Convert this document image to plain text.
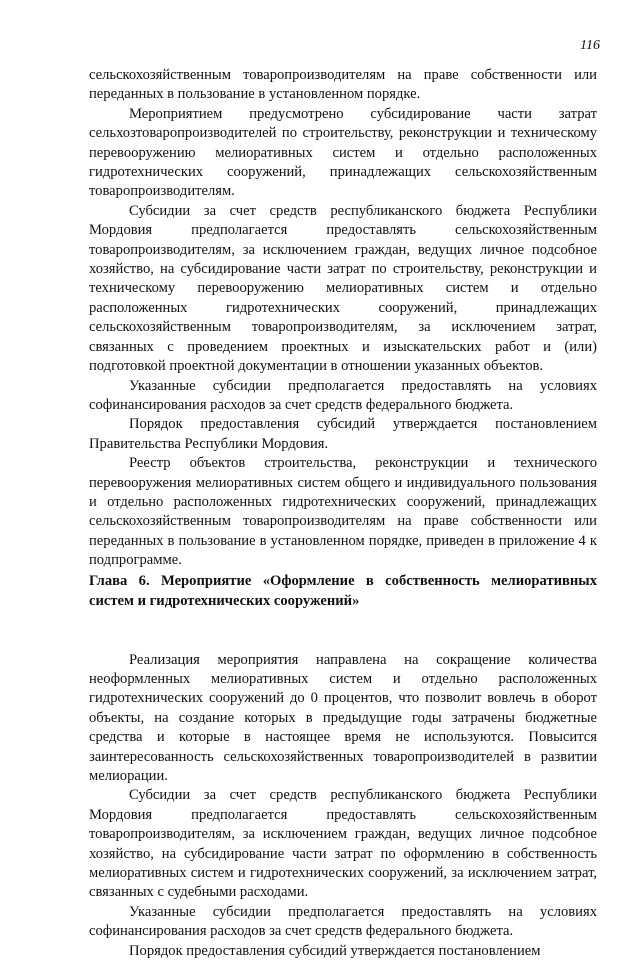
116

сельскохозяйственным товаропроизводителям на праве собственности или переданных в пользование в установленном порядке.

Мероприятием предусмотрено субсидирование части затрат сельхозтоваропроизводителей по строительству, реконструкции и техническому перевооружению мелиоративных систем и отдельно расположенных гидротехнических сооружений, принадлежащих сельскохозяйственным товаропроизводителям.

Субсидии за счет средств республиканского бюджета Республики Мордовия предполагается предоставлять сельскохозяйственным товаропроизводителям, за исключением граждан, ведущих личное подсобное хозяйство, на субсидирование части затрат по строительству, реконструкции и техническому перевооружению мелиоративных систем и отдельно расположенных гидротехнических сооружений, принадлежащих сельскохозяйственным товаропроизводителям, за исключением затрат, связанных с проведением проектных и изыскательских работ и (или) подготовкой проектной документации в отношении указанных объектов.

Указанные субсидии предполагается предоставлять на условиях софинансирования расходов за счет средств федерального бюджета.

Порядок предоставления субсидий утверждается постановлением Правительства Республики Мордовия.

Реестр объектов строительства, реконструкции и технического перевооружения мелиоративных систем общего и индивидуального пользования и отдельно расположенных гидротехнических сооружений, принадлежащих сельскохозяйственным товаропроизводителям на праве собственности или переданных в пользование в установленном порядке, приведен в приложение 4 к подпрограмме.

Глава 6. Мероприятие «Оформление в собственность мелиоративных систем и гидротехнических сооружений»

Реализация мероприятия направлена на сокращение количества неоформленных мелиоративных систем и отдельно расположенных гидротехнических сооружений до 0 процентов, что позволит вовлечь в оборот объекты, на создание которых в предыдущие годы затрачены бюджетные средства и которые в настоящее время не используются. Повысится заинтересованность сельскохозяйственных товаропроизводителей в развитии мелиорации.

Субсидии за счет средств республиканского бюджета Республики Мордовия предполагается предоставлять сельскохозяйственным товаропроизводителям, за исключением граждан, ведущих личное подсобное хозяйство, на субсидирование части затрат по оформлению в собственность мелиоративных систем и гидротехнических сооружений, за исключением затрат, связанных с судебными расходами.

Указанные субсидии предполагается предоставлять на условиях софинансирования расходов за счет средств федерального бюджета.

Порядок предоставления субсидий утверждается постановлением
